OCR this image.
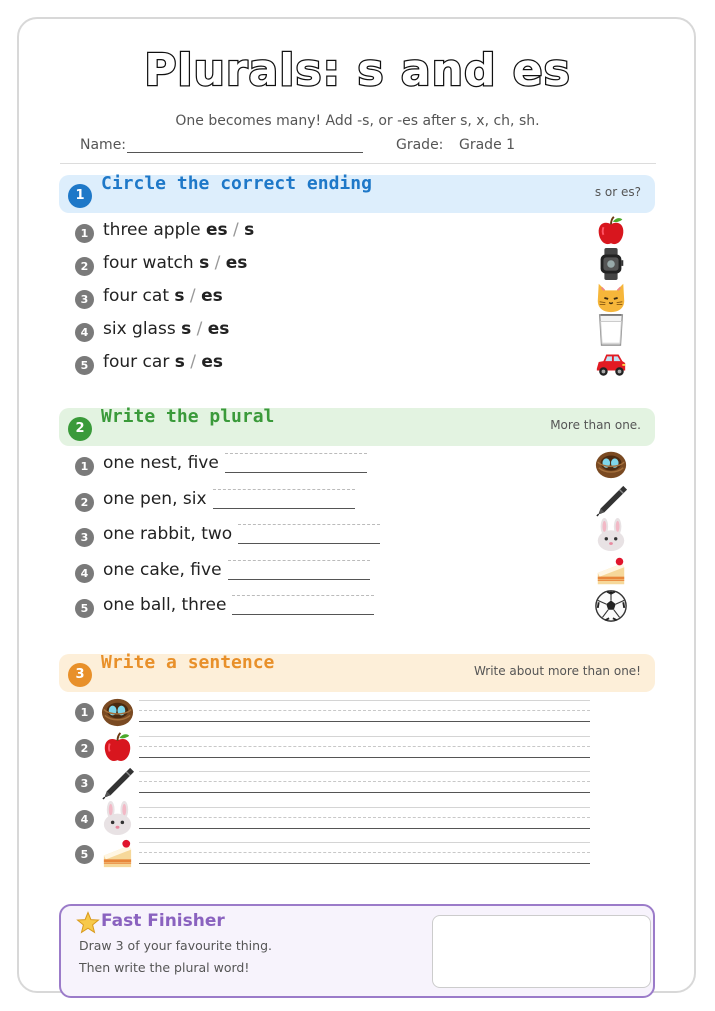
Plurals: s and es
One becomes many! Add -s, or -es after s, x, ch, sh.
Name:	Grade: Grade 1
1
Circle the correct ending	s or es?
1 three apple es / s
2 four watch s / es
3 four cat s / es
4 six glass s / es
5 four car s / es
2
Write the plural	More than one.
1 one nest, five
2 one pen, six
3 one rabbit, two
4 one cake, five
5 one ball, three
3
Write a sentence	Write about more than one!
1
2
3
4
5
Fast Finisher
Draw 3 of your favourite thing.
Then write the plural word!
